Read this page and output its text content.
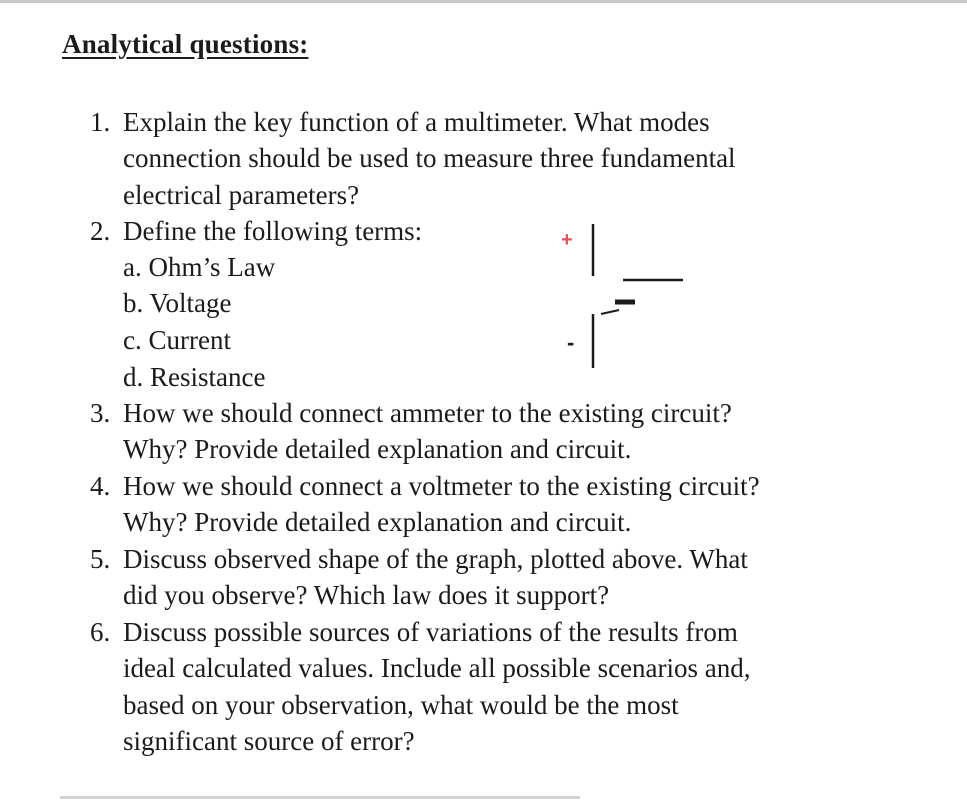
Analytical questions:
1. Explain the key function of a multimeter. What modes
connection should be used to measure three fundamental
electrical parameters?
2. Define the following terms:
a. Ohm’s Law
b. Voltage
c. Current
d. Resistance
3. How we should connect ammeter to the existing circuit?
Why? Provide detailed explanation and circuit.
4. How we should connect a voltmeter to the existing circuit?
Why? Provide detailed explanation and circuit.
5. Discuss observed shape of the graph, plotted above. What
did you observe? Which law does it support?
6. Discuss possible sources of variations of the results from
ideal calculated values. Include all possible scenarios and,
based on your observation, what would be the most
significant source of error?
+
-
